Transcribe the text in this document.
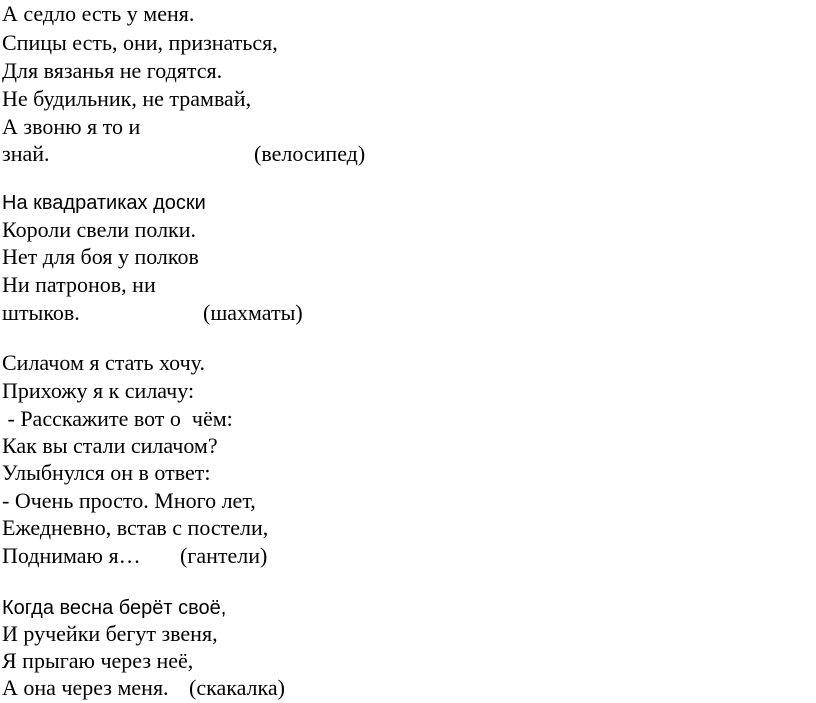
А седло есть у меня.
Спицы есть, они, признаться,
Для вязанья не годятся.
Не будильник, не трамвай,
А звоню я то и
знай.	(велосипед)
На квадратиках доски
Короли свели полки.
Нет для боя у полков
Ни патронов, ни
штыков.	(шахматы)
Силачом я стать хочу.
Прихожу я к силачу:
- Расскажите вот о  чём:
Как вы стали силачом?
Улыбнулся он в ответ:
- Очень просто. Много лет,
Ежедневно, встав с постели,
Поднимаю я… (гантели)
Когда весна берёт своё,
И ручейки бегут звеня,
Я прыгаю через неё,
А она через меня. (скакалка)
